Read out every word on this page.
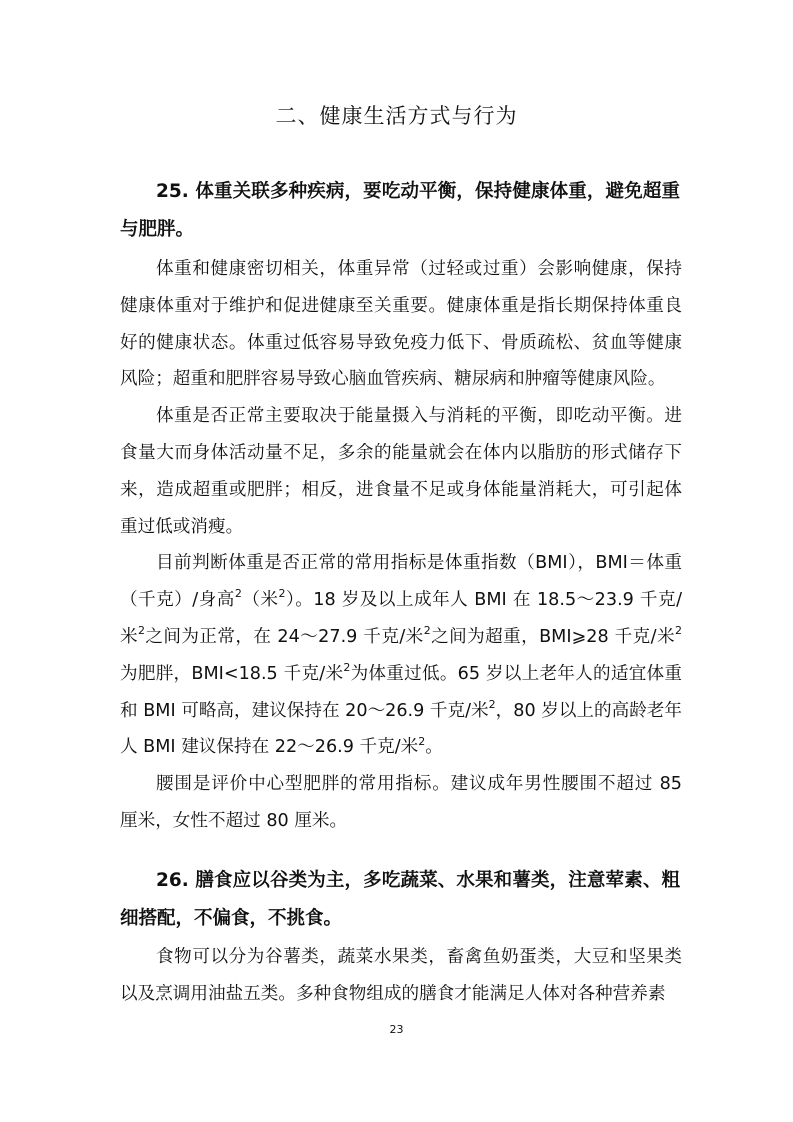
二、健康生活方式与行为
25. 体重关联多种疾病，要吃动平衡，保持健康体重，避免超重与肥胖。

体重和健康密切相关，体重异常（过轻或过重）会影响健康，保持健康体重对于维护和促进健康至关重要。健康体重是指长期保持体重良好的健康状态。体重过低容易导致免疫力低下、骨质疏松、贫血等健康风险；超重和肥胖容易导致心脑血管疾病、糖尿病和肿瘤等健康风险。

体重是否正常主要取决于能量摄入与消耗的平衡，即吃动平衡。进食量大而身体活动量不足，多余的能量就会在体内以脂肪的形式储存下来，造成超重或肥胖；相反，进食量不足或身体能量消耗大，可引起体重过低或消瘦。

目前判断体重是否正常的常用指标是体重指数（BMI），BMI＝体重（千克）/身高$^2$（米$^2$）。18 岁及以上成年人 BMI 在 18.5～23.9 千克/米$^2$之间为正常，在 24～27.9 千克/米$^2$之间为超重，BMI⩾28 千克/米$^2$为肥胖，BMI<18.5 千克/米$^2$为体重过低。65 岁以上老年人的适宜体重和 BMI 可略高，建议保持在 20～26.9 千克/米$^2$，80 岁以上的高龄老年人 BMI 建议保持在 22～26.9 千克/米$^2$。

腰围是评价中心型肥胖的常用指标。建议成年男性腰围不超过 85 厘米，女性不超过 80 厘米。

26. 膳食应以谷类为主，多吃蔬菜、水果和薯类，注意荤素、粗细搭配，不偏食，不挑食。

食物可以分为谷薯类，蔬菜水果类，畜禽鱼奶蛋类，大豆和坚果类以及烹调用油盐五类。多种食物组成的膳食才能满足人体对各种营养素

23
